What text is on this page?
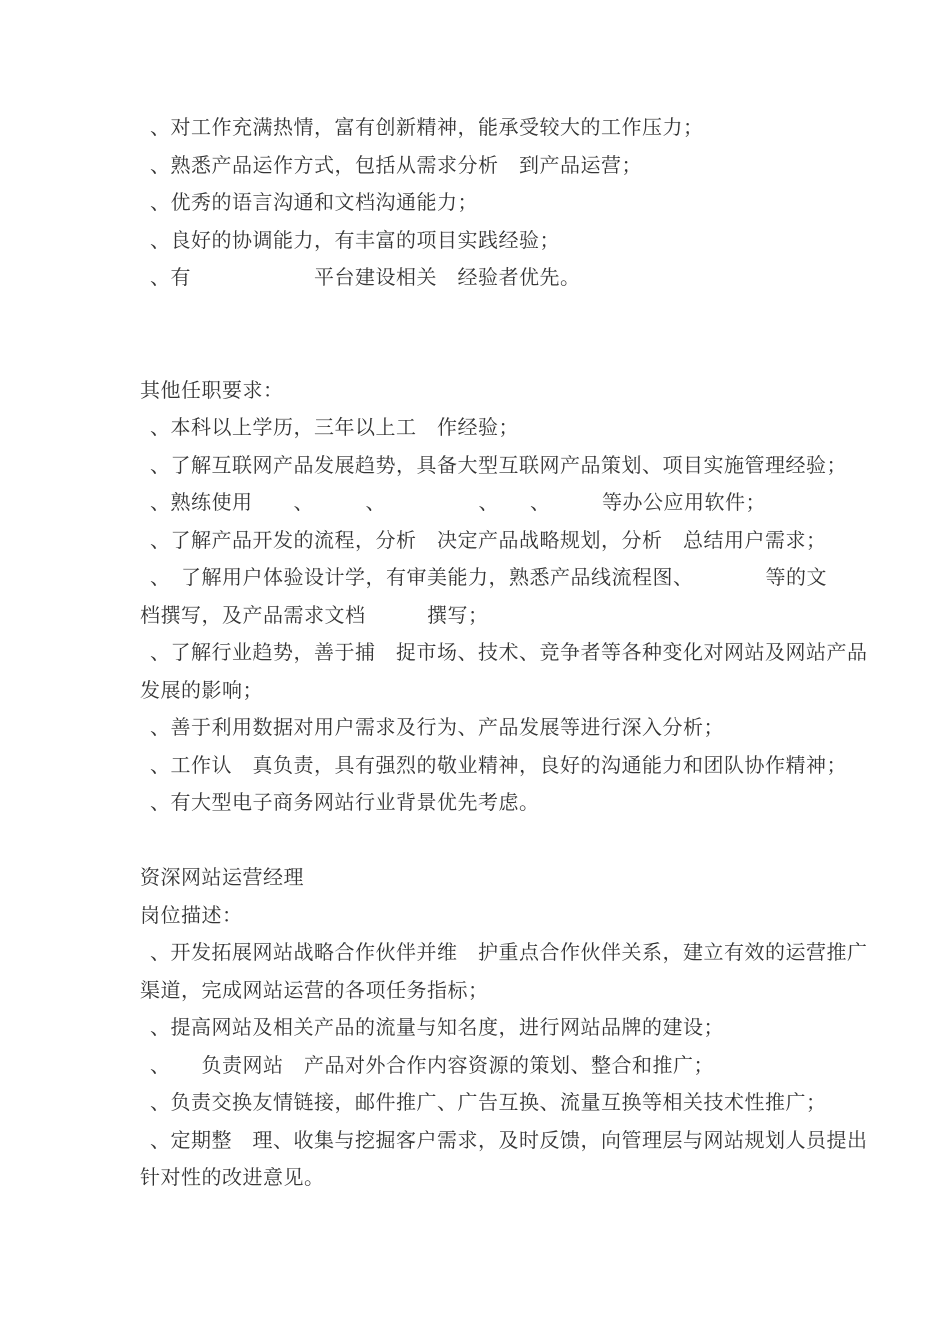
、对工作充满热情，富有创新精神，能承受较大的工作压力；
、熟悉产品运作方式，包括从需求分析　到产品运营；
、优秀的语言沟通和文档沟通能力；
、良好的协调能力，有丰富的项目实践经验；
、有　　　　　　平台建设相关　经验者优先。
其他任职要求：
、本科以上学历，三年以上工　作经验；
、了解互联网产品发展趋势，具备大型互联网产品策划、项目实施管理经验；
、熟练使用　　、　　　、　　　　　、　　、　　　等办公应用软件；
、了解产品开发的流程，分析　决定产品战略规划，分析　总结用户需求；
、　了解用户体验设计学，有审美能力，熟悉产品线流程图、　　　　等的文
档撰写，及产品需求文档　　　撰写；
、了解行业趋势，善于捕　捉市场、技术、竞争者等各种变化对网站及网站产品
发展的影响；
、善于利用数据对用户需求及行为、产品发展等进行深入分析；
、工作认　真负责，具有强烈的敬业精神，良好的沟通能力和团队协作精神；
、有大型电子商务网站行业背景优先考虑。
资深网站运营经理
岗位描述：
、开发拓展网站战略合作伙伴并维　护重点合作伙伴关系，建立有效的运营推广
渠道，完成网站运营的各项任务指标；
、提高网站及相关产品的流量与知名度，进行网站品牌的建设；
、　　负责网站　产品对外合作内容资源的策划、整合和推广；
、负责交换友情链接，邮件推广、广告互换、流量互换等相关技术性推广；
、定期整　理、收集与挖掘客户需求，及时反馈，向管理层与网站规划人员提出
针对性的改进意见。
